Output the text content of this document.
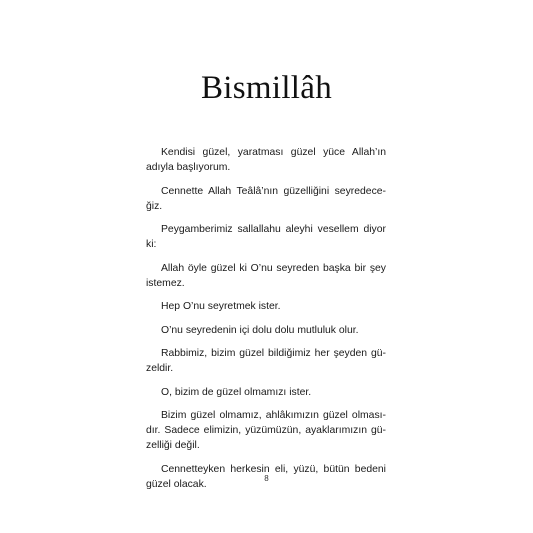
Bismillâh
Kendisi güzel, yaratması güzel yüce Allah’ın
adıyla başlıyorum.
Cennette Allah Teâlâ’nın güzelliğini seyredece-
ğiz.
Peygamberimiz sallallahu aleyhi vesellem diyor
ki:
Allah öyle güzel ki O’nu seyreden başka bir şey
istemez.
Hep O’nu seyretmek ister.
O’nu seyredenin içi dolu dolu mutluluk olur.
Rabbimiz, bizim güzel bildiğimiz her şeyden gü-
zeldir.
O, bizim de güzel olmamızı ister.
Bizim güzel olmamız, ahlâkımızın güzel olması-
dır. Sadece elimizin, yüzümüzün, ayaklarımızın gü-
zelliği değil.
Cennetteyken herkesin eli, yüzü, bütün bedeni
güzel olacak.	8
